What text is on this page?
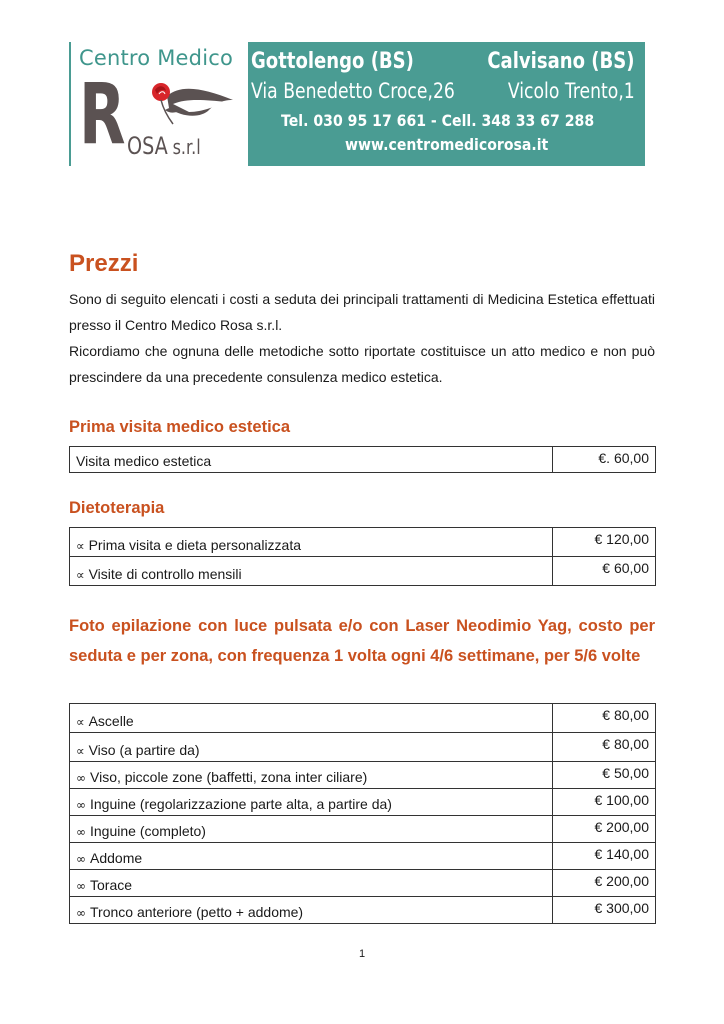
Centro Medico
R OSA s.r.l
Gottolengo (BS)	Calvisano (BS)
Via Benedetto Croce,26	Vicolo Trento,1
Tel. 030 95 17 661 - Cell. 348 33 67 288
www.centromedicorosa.it
Prezzi

Sono di seguito elencati i costi a seduta dei principali trattamenti di Medicina Estetica effettuati presso il Centro Medico Rosa s.r.l.

Ricordiamo che ognuna delle metodiche sotto riportate costituisce un atto medico e non può prescindere da una precedente consulenza medico estetica.

Prima visita medico estetica
Visita medico estetica	€. 60,00
Dietoterapia
∝ Prima visita e dieta personalizzata	€ 120,00
∝ Visite di controllo mensili	€ 60,00
Foto epilazione con luce pulsata e/o con Laser Neodimio Yag, costo per seduta e per zona, con frequenza 1 volta ogni 4/6 settimane, per 5/6 volte
∝ Ascelle	€ 80,00
∝ Viso (a partire da)	€ 80,00
∞ Viso, piccole zone (baffetti, zona inter ciliare)	€ 50,00
∞ Inguine (regolarizzazione parte alta, a partire da)	€ 100,00
∞ Inguine (completo)	€ 200,00
∞ Addome	€ 140,00
∞ Torace	€ 200,00
∞ Tronco anteriore (petto + addome)	€ 300,00
1
